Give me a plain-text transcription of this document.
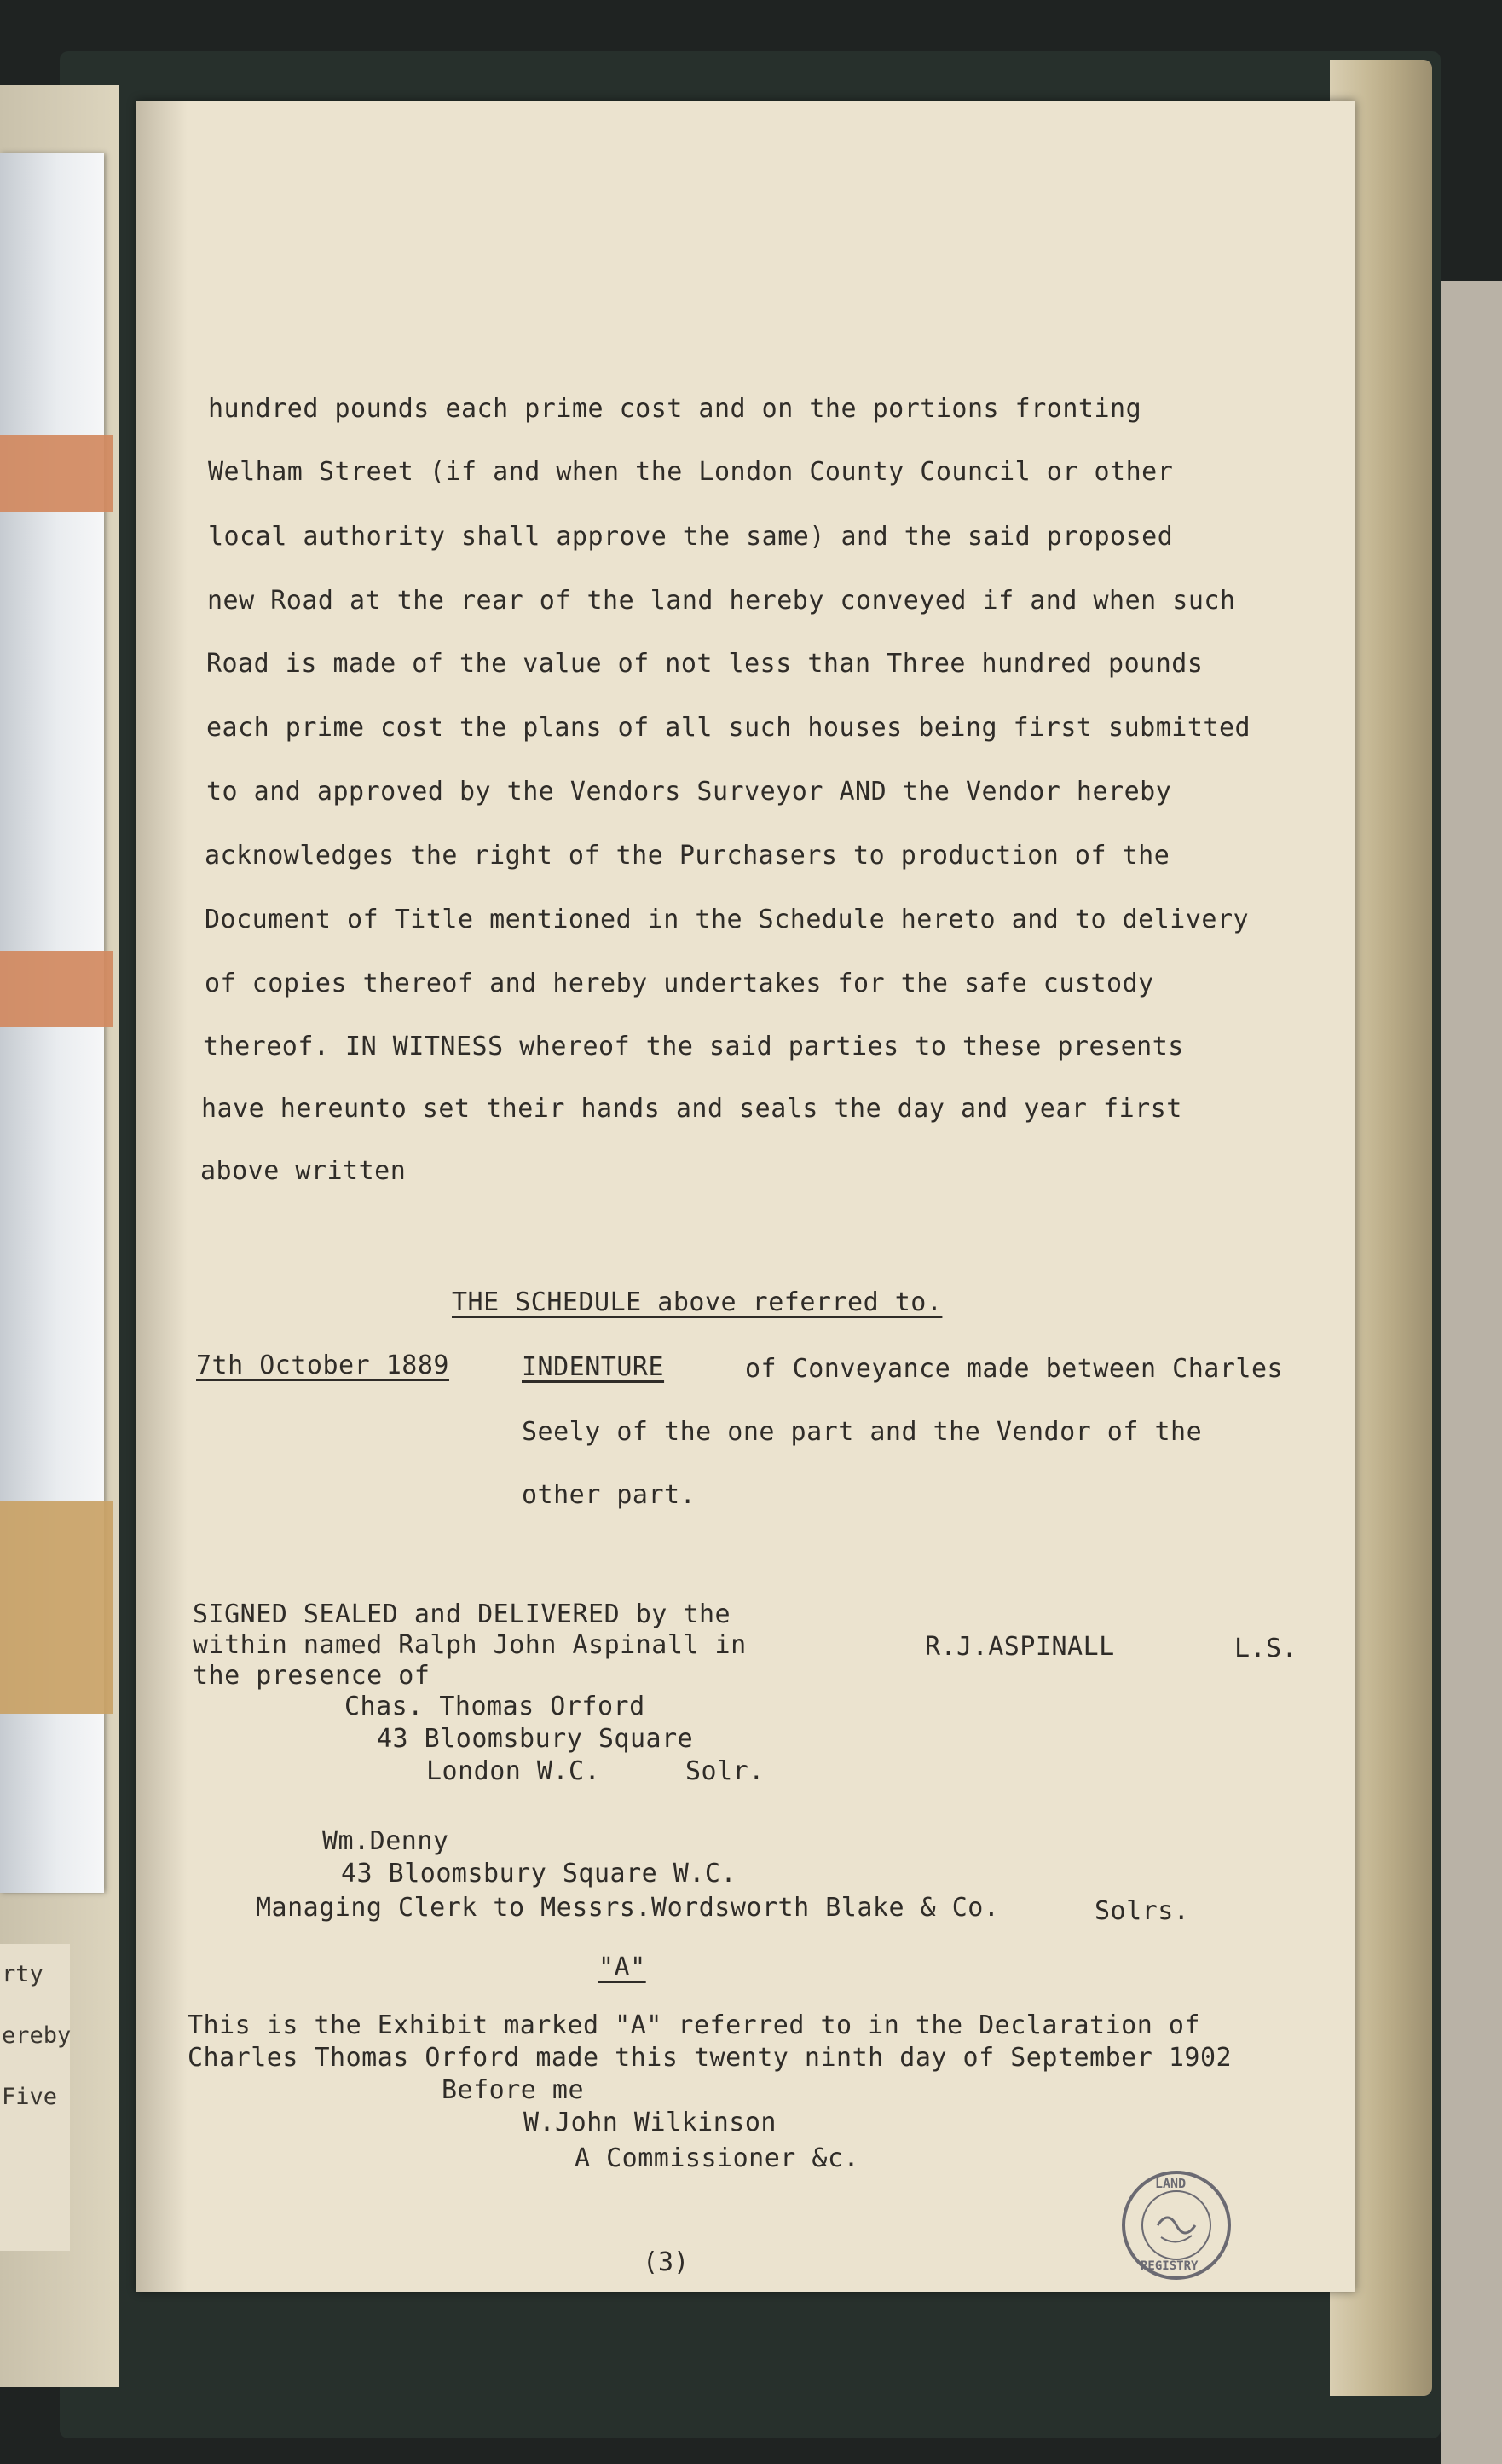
rty
ereby
Five
hundred pounds each prime cost and on the portions fronting
Welham Street (if and when the London County Council or other
local authority shall approve the same) and the said proposed
new Road at the rear of the land hereby conveyed if and when such
Road is made of the value of not less than Three hundred pounds
each prime cost the plans of all such houses being first submitted
to and approved by the Vendors Surveyor AND the Vendor hereby
acknowledges the right of the Purchasers to production of the
Document of Title mentioned in the Schedule hereto and to delivery
of copies thereof and hereby undertakes for the safe custody
thereof. IN WITNESS whereof the said parties to these presents
have hereunto set their hands and seals the day and year first
above written
THE SCHEDULE above referred to.
7th October 1889	INDENTURE	of Conveyance made between Charles
Seely of the one part and the Vendor of the
other part.
SIGNED SEALED and DELIVERED by the
within named Ralph John Aspinall in
the presence of
R.J.ASPINALL	L.S.
Chas. Thomas Orford
43 Bloomsbury Square
London W.C.	Solr.
Wm.Denny
43 Bloomsbury Square W.C.
Managing Clerk to Messrs.Wordsworth Blake & Co.	Solrs.
"A"
This is the Exhibit marked "A" referred to in the Declaration of
Charles Thomas Orford made this twenty ninth day of September 1902
Before me
W.John Wilkinson
A Commissioner &c.
(3)
LAND
REGISTRY
